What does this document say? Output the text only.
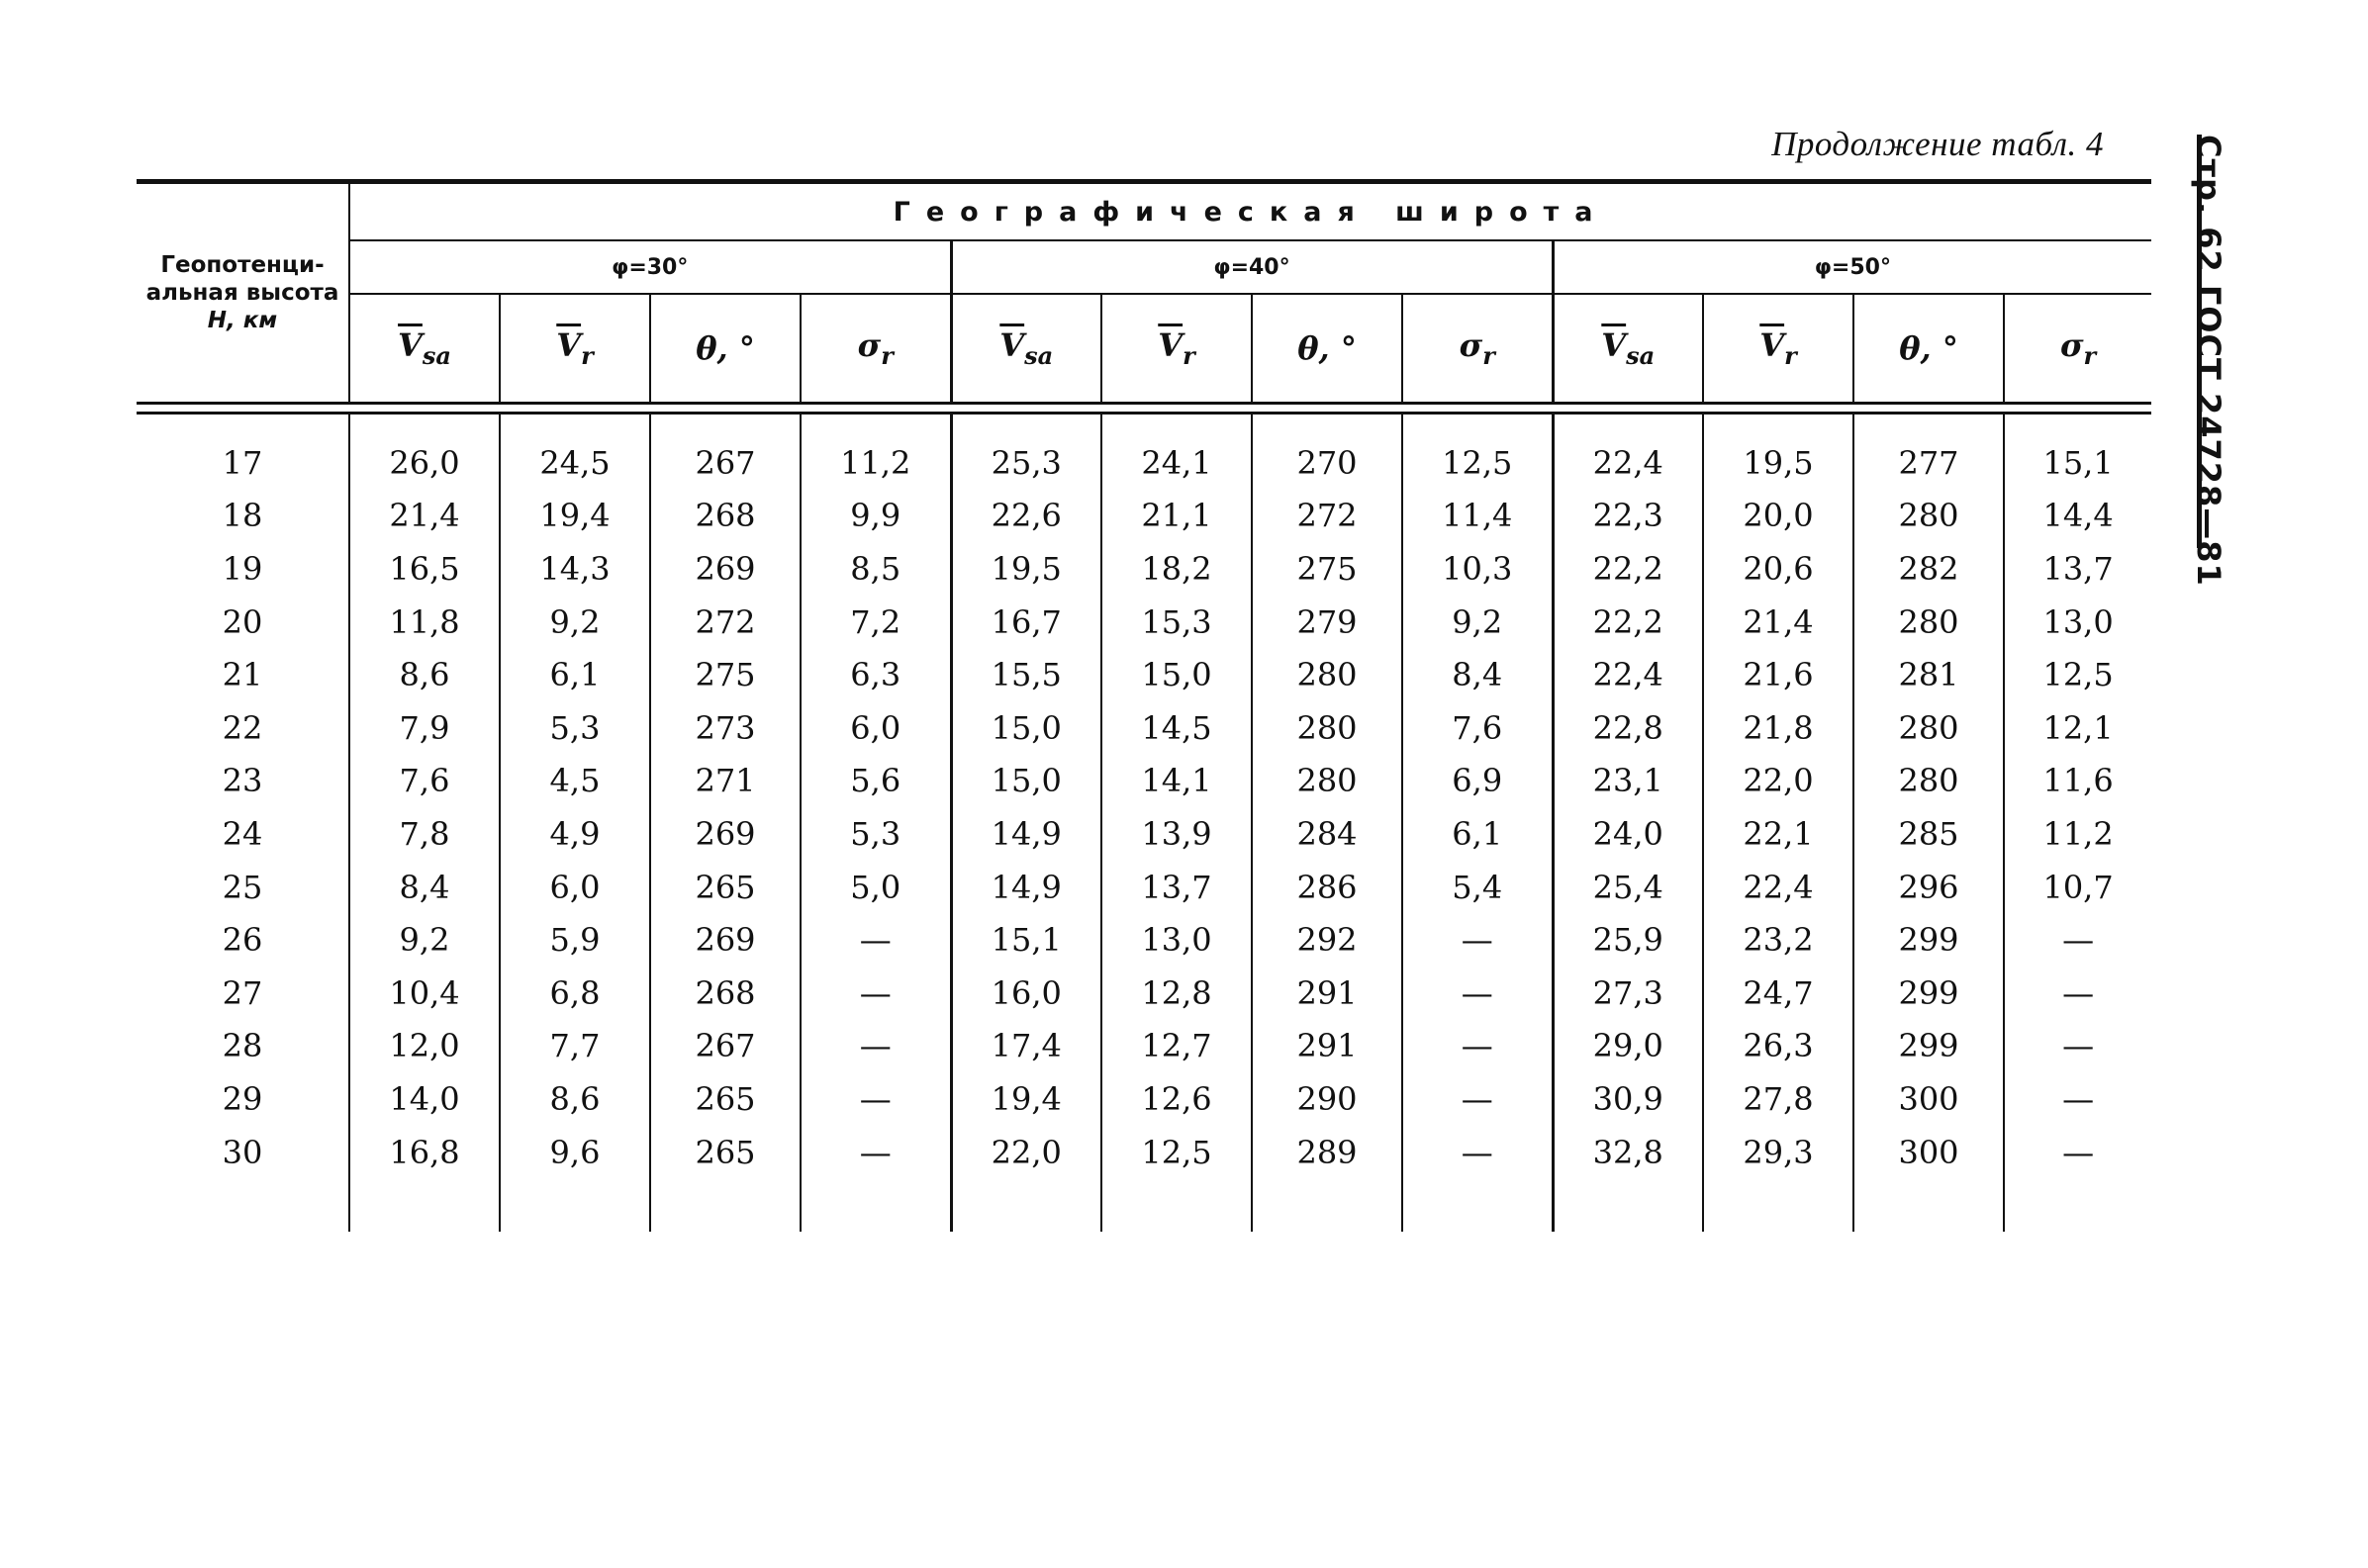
Продолжение табл. 4	Стр. 62 ГОСТ 24728—81
Геопотенци-
альная высота
H, км	Географическая широта											
	φ=30°				φ=40°				φ=50°			
	$\overline{V}_{sa}$	$\overline{V}_r$	θ, °	$\sigma_r$	$\overline{V}_{sa}$	$\overline{V}_r$	θ, °	$\sigma_r$	$\overline{V}_{sa}$	$\overline{V}_r$	θ, °	$\sigma_r$

17	26,0	24,5	267	11,2	25,3	24,1	270	12,5	22,4	19,5	277	15,1
18	21,4	19,4	268	9,9	22,6	21,1	272	11,4	22,3	20,0	280	14,4
19	16,5	14,3	269	8,5	19,5	18,2	275	10,3	22,2	20,6	282	13,7
20	11,8	9,2	272	7,2	16,7	15,3	279	9,2	22,2	21,4	280	13,0
21	8,6	6,1	275	6,3	15,5	15,0	280	8,4	22,4	21,6	281	12,5
22	7,9	5,3	273	6,0	15,0	14,5	280	7,6	22,8	21,8	280	12,1
23	7,6	4,5	271	5,6	15,0	14,1	280	6,9	23,1	22,0	280	11,6
24	7,8	4,9	269	5,3	14,9	13,9	284	6,1	24,0	22,1	285	11,2
25	8,4	6,0	265	5,0	14,9	13,7	286	5,4	25,4	22,4	296	10,7
26	9,2	5,9	269	—	15,1	13,0	292	—	25,9	23,2	299	—
27	10,4	6,8	268	—	16,0	12,8	291	—	27,3	24,7	299	—
28	12,0	7,7	267	—	17,4	12,7	291	—	29,0	26,3	299	—
29	14,0	8,6	265	—	19,4	12,6	290	—	30,9	27,8	300	—
30	16,8	9,6	265	—	22,0	12,5	289	—	32,8	29,3	300	—
